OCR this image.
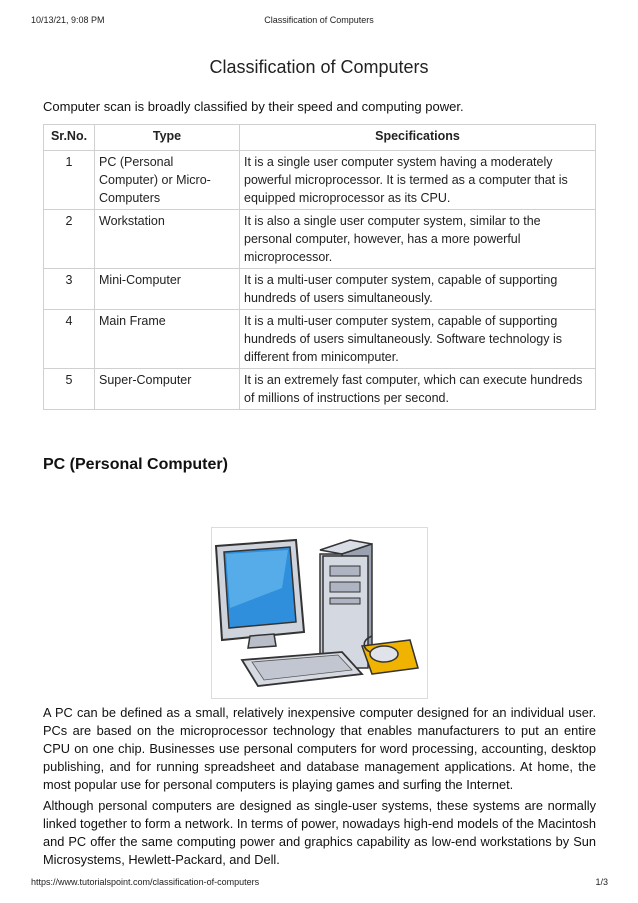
10/13/21, 9:08 PM	Classification of Computers
Classification of Computers
Computer scan is broadly classified by their speed and computing power.
Sr.No.	Type	Specifications
1	PC (Personal Computer) or Micro-Computers	It is a single user computer system having a moderately powerful microprocessor. It is termed as a computer that is equipped microprocessor as its CPU.
2	Workstation	It is also a single user computer system, similar to the personal computer, however, has a more powerful microprocessor.
3	Mini-Computer	It is a multi-user computer system, capable of supporting hundreds of users simultaneously.
4	Main Frame	It is a multi-user computer system, capable of supporting hundreds of users simultaneously. Software technology is different from minicomputer.
5	Super-Computer	It is an extremely fast computer, which can execute hundreds of millions of instructions per second.
PC (Personal Computer)
A PC can be defined as a small, relatively inexpensive computer designed for an individual user. PCs are based on the microprocessor technology that enables manufacturers to put an entire CPU on one chip. Businesses use personal computers for word processing, accounting, desktop publishing, and for running spreadsheet and database management applications. At home, the most popular use for personal computers is playing games and surfing the Internet.
Although personal computers are designed as single-user systems, these systems are normally linked together to form a network. In terms of power, nowadays high-end models of the Macintosh and PC offer the same computing power and graphics capability as low-end workstations by Sun Microsystems, Hewlett-Packard, and Dell.
https://www.tutorialspoint.com/classification-of-computers	1/3
